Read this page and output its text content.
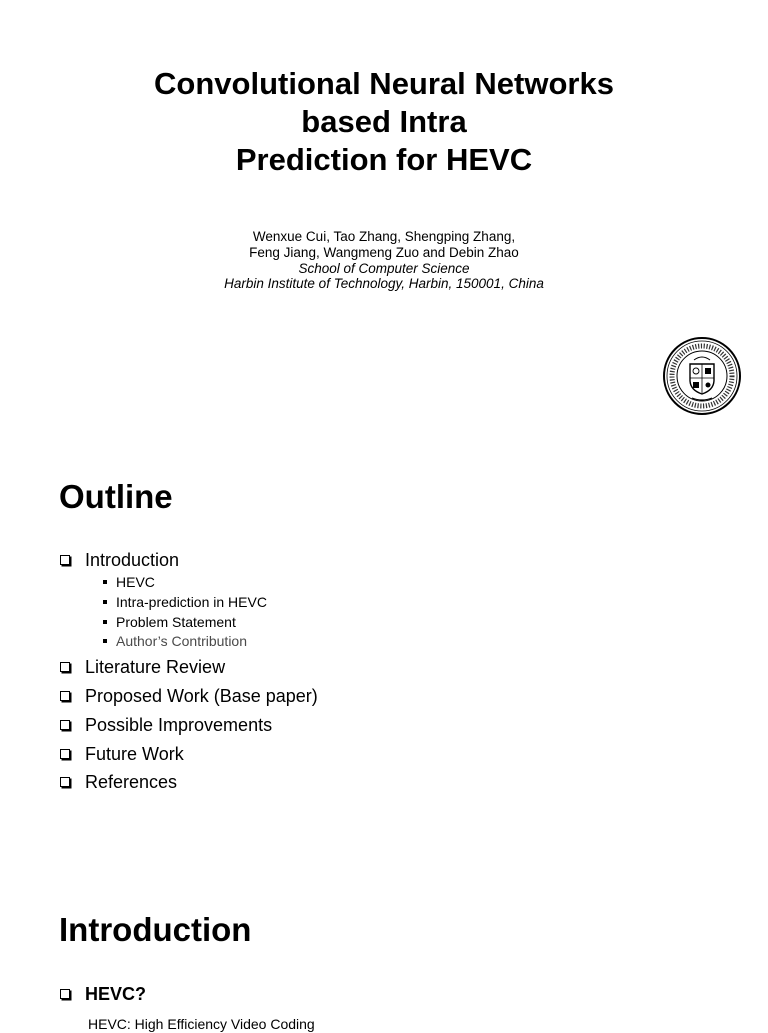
Convolutional Neural Networks
based Intra
Prediction for HEVC
Wenxue Cui, Tao Zhang, Shengping Zhang,
Feng Jiang, Wangmeng Zuo and Debin Zhao
School of Computer Science
Harbin Institute of Technology, Harbin, 150001, China
Outline
Introduction
HEVC
Intra-prediction in HEVC
Problem Statement
Author’s Contribution
Literature Review
Proposed Work (Base paper)
Possible Improvements
Future Work
References
Introduction
HEVC?
HEVC: High Efficiency Video Coding
